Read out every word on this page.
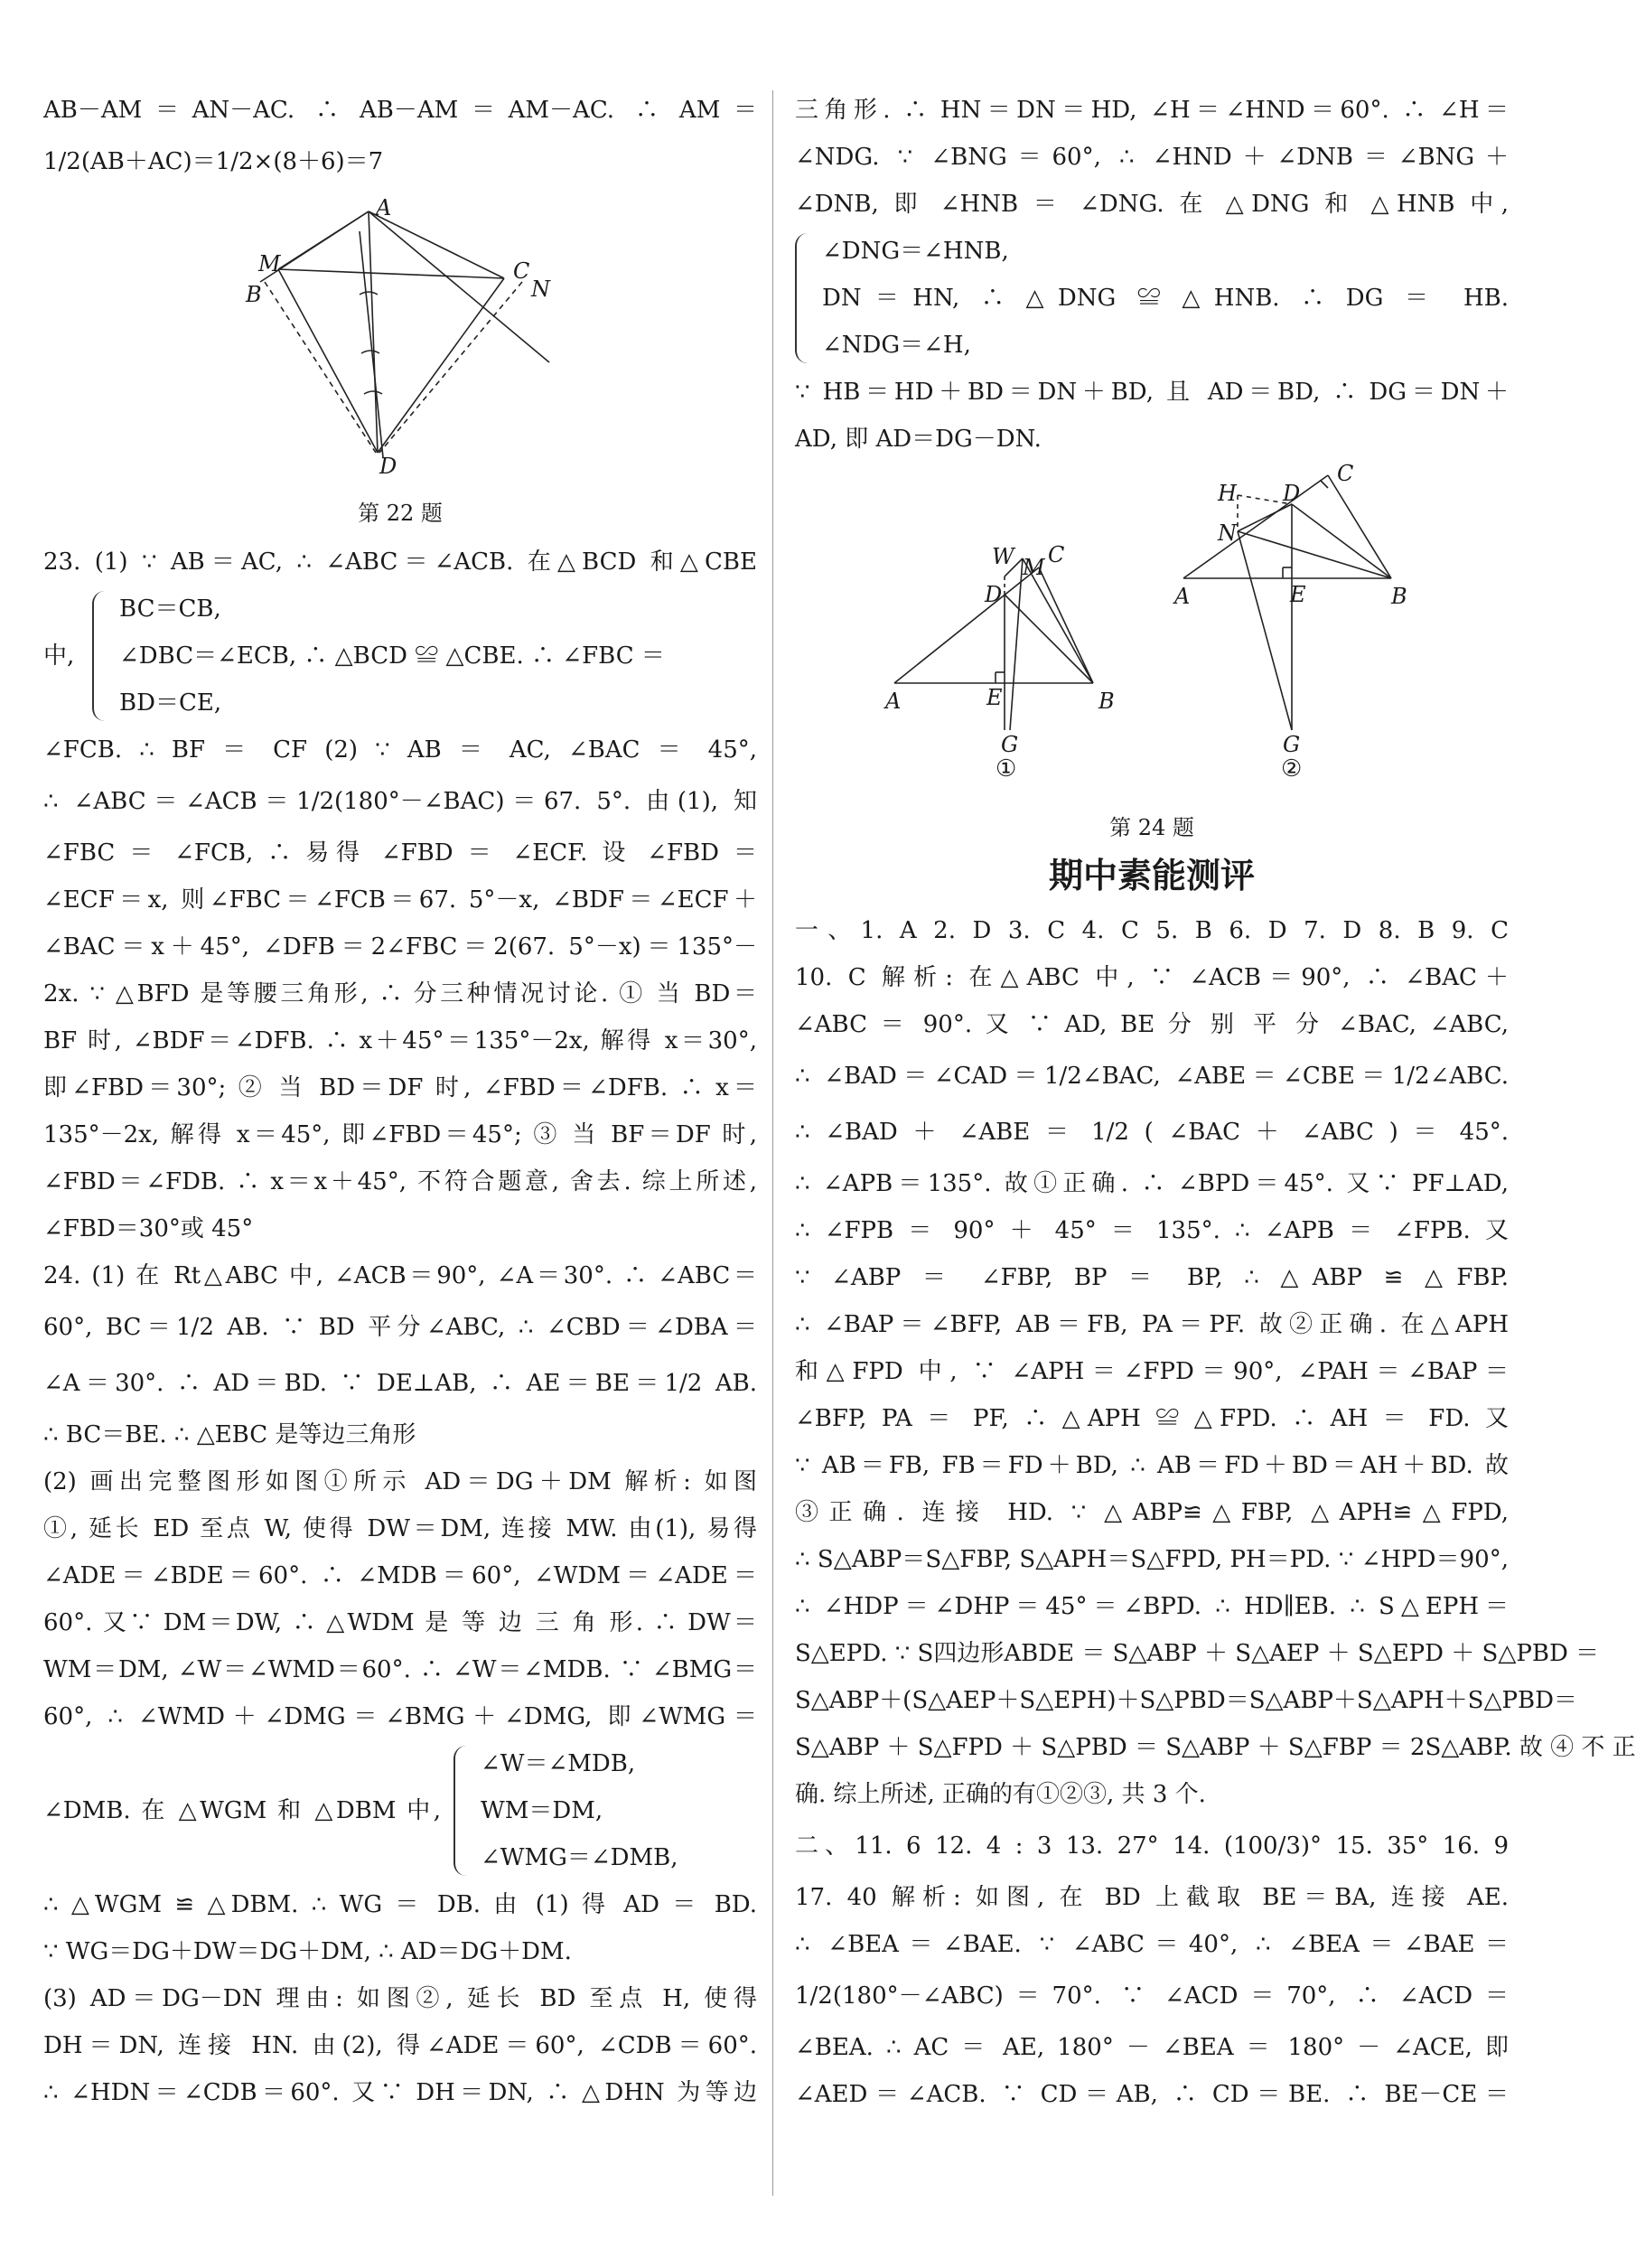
AB－AM＝AN－AC. ∴ AB－AM＝AM－AC. ∴ AM＝
1/2(AB＋AC)＝1/2×(8＋6)＝7
A
M
B
C
N
D
第 22 题
23. (1) ∵ AB＝AC, ∴ ∠ABC＝∠ACB. 在△BCD 和△CBE
中,
BC＝CB,
∠DBC＝∠ECB, ∴ △BCD ≌ △CBE. ∴ ∠FBC ＝
BD＝CE,
∠FCB. ∴ BF ＝ CF (2) ∵ AB ＝ AC, ∠BAC ＝ 45°,
∴ ∠ABC＝∠ACB＝1/2(180°－∠BAC)＝67. 5°. 由(1), 知
∠FBC ＝ ∠FCB, ∴ 易得 ∠FBD ＝ ∠ECF. 设 ∠FBD ＝
∠ECF＝x, 则∠FBC＝∠FCB＝67. 5°－x, ∠BDF＝∠ECF＋
∠BAC＝x＋45°, ∠DFB＝2∠FBC＝2(67. 5°－x)＝135°－
2x. ∵ △BFD 是等腰三角形, ∴ 分三种情况讨论. ① 当 BD＝
BF 时, ∠BDF＝∠DFB. ∴ x＋45°＝135°－2x, 解得 x＝30°,
即∠FBD＝30°; ② 当 BD＝DF 时, ∠FBD＝∠DFB. ∴ x＝
135°－2x, 解得 x＝45°, 即∠FBD＝45°; ③ 当 BF＝DF 时,
∠FBD＝∠FDB. ∴ x＝x＋45°, 不符合题意, 舍去. 综上所述,
∠FBD＝30°或 45°
24. (1) 在 Rt△ABC 中, ∠ACB＝90°, ∠A＝30°. ∴ ∠ABC＝
60°, BC＝1/2 AB. ∵ BD 平分∠ABC, ∴ ∠CBD＝∠DBA＝
∠A＝30°. ∴ AD＝BD. ∵ DE⊥AB, ∴ AE＝BE＝1/2 AB.
∴ BC＝BE. ∴ △EBC 是等边三角形
(2) 画出完整图形如图①所示 AD＝DG＋DM 解析: 如图
①, 延长 ED 至点 W, 使得 DW＝DM, 连接 MW. 由(1), 易得
∠ADE＝∠BDE＝60°. ∴ ∠MDB＝60°, ∠WDM＝∠ADE＝
60°. 又∵ DM＝DW, ∴ △WDM 是 等 边 三 角 形. ∴ DW＝
WM＝DM, ∠W＝∠WMD＝60°. ∴ ∠W＝∠MDB. ∵ ∠BMG＝
60°, ∴ ∠WMD＋∠DMG＝∠BMG＋∠DMG, 即∠WMG＝
∠DMB. 在 △WGM 和 △DBM 中,
∠W＝∠MDB,
WM＝DM,
∠WMG＝∠DMB,
∴ △WGM ≌ △DBM. ∴ WG ＝ DB. 由 (1) 得 AD ＝ BD.
∵ WG＝DG＋DW＝DG＋DM, ∴ AD＝DG＋DM.
(3) AD＝DG－DN 理由: 如图②, 延长 BD 至点 H, 使得
DH＝DN, 连接 HN. 由(2), 得∠ADE＝60°, ∠CDB＝60°.
∴ ∠HDN＝∠CDB＝60°. 又∵ DH＝DN, ∴ △DHN 为等边
三角形. ∴ HN＝DN＝HD, ∠H＝∠HND＝60°. ∴ ∠H＝
∠NDG. ∵ ∠BNG＝60°, ∴ ∠HND＋∠DNB＝∠BNG＋
∠DNB, 即 ∠HNB ＝ ∠DNG. 在 △DNG 和 △HNB 中,
∠DNG＝∠HNB,
DN＝HN, ∴ △DNG ≌ △HNB. ∴ DG ＝ HB.
∠NDG＝∠H,
∵ HB＝HD＋BD＝DN＋BD, 且 AD＝BD, ∴ DG＝DN＋
AD, 即 AD＝DG－DN.
W M C
D
A	E	B
G
H
C
D
N
A	E	B
G
①	②
第 24 题
期中素能测评
一、1. A 2. D 3. C 4. C 5. B 6. D 7. D 8. B 9. C
10. C 解析: 在△ABC 中, ∵ ∠ACB＝90°, ∴ ∠BAC＋
∠ABC ＝ 90°. 又 ∵ AD, BE 分 别 平 分 ∠BAC, ∠ABC,
∴ ∠BAD＝∠CAD＝1/2∠BAC, ∠ABE＝∠CBE＝1/2∠ABC.
∴ ∠BAD ＋ ∠ABE ＝ 1/2 ( ∠BAC ＋ ∠ABC ) ＝ 45°.
∴ ∠APB＝135°. 故①正确. ∴ ∠BPD＝45°. 又∵ PF⊥AD,
∴ ∠FPB ＝ 90° ＋ 45° ＝ 135°. ∴ ∠APB ＝ ∠FPB. 又
∵ ∠ABP ＝ ∠FBP, BP ＝ BP, ∴ △ABP ≌ △FBP.
∴ ∠BAP＝∠BFP, AB＝FB, PA＝PF. 故②正确. 在△APH
和△FPD 中, ∵ ∠APH＝∠FPD＝90°, ∠PAH＝∠BAP＝
∠BFP, PA ＝ PF, ∴ △APH ≌ △FPD. ∴ AH ＝ FD. 又
∵ AB＝FB, FB＝FD＋BD, ∴ AB＝FD＋BD＝AH＋BD. 故
③正确. 连接 HD. ∵ △ABP≌△FBP, △APH≌△FPD,
∴ S△ABP＝S△FBP, S△APH＝S△FPD, PH＝PD. ∵ ∠HPD＝90°,
∴ ∠HDP＝∠DHP＝45°＝∠BPD. ∴ HD∥EB. ∴ S△EPH＝
S△EPD. ∵ S四边形ABDE ＝ S△ABP ＋ S△AEP ＋ S△EPD ＋ S△PBD ＝
S△ABP＋(S△AEP＋S△EPH)＋S△PBD＝S△ABP＋S△APH＋S△PBD＝
S△ABP ＋ S△FPD ＋ S△PBD ＝ S△ABP ＋ S△FBP ＝ 2S△ABP. 故 ④ 不 正
确. 综上所述, 正确的有①②③, 共 3 个.
二、11. 6 12. 4 : 3 13. 27° 14. (100/3)° 15. 35° 16. 9
17. 40 解析: 如图, 在 BD 上截取 BE＝BA, 连接 AE.
∴ ∠BEA＝∠BAE. ∵ ∠ABC＝40°, ∴ ∠BEA＝∠BAE＝
1/2(180°－∠ABC)＝70°. ∵ ∠ACD＝70°, ∴ ∠ACD＝
∠BEA. ∴ AC ＝ AE, 180° － ∠BEA ＝ 180° － ∠ACE, 即
∠AED＝∠ACB. ∵ CD＝AB, ∴ CD＝BE. ∴ BE－CE＝
